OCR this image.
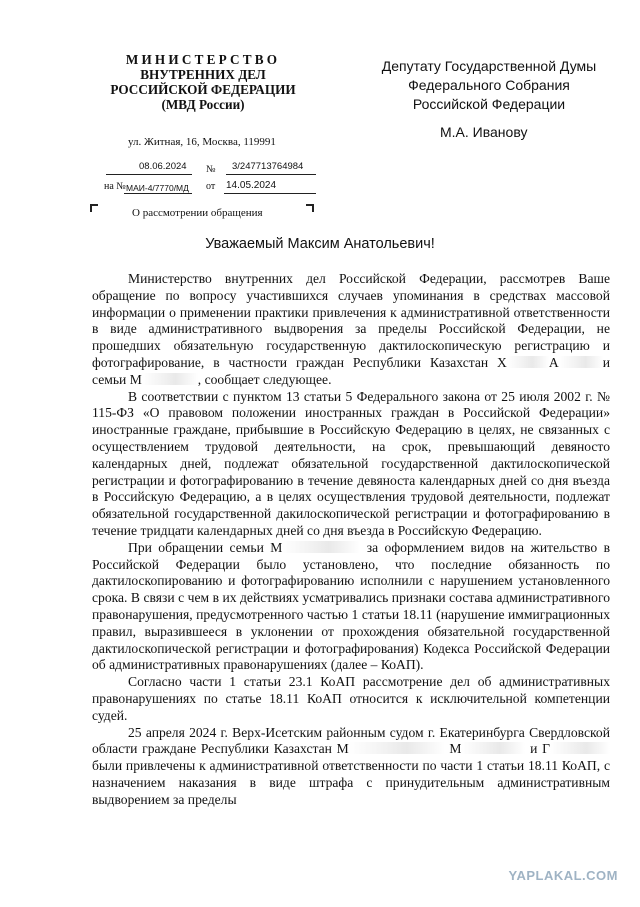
МИНИСТЕРСТВО
ВНУТРЕННИХ ДЕЛ
РОССИЙСКОЙ ФЕДЕРАЦИИ
(МВД России)
ул. Житная, 16, Москва, 119991
08.06.2024 № 3/247713764984
на № МАИ-4/7770/МД от 14.05.2024
О рассмотрении обращения
Депутату Государственной Думы
Федерального Собрания
Российской Федерации
М.А. Иванову
Уважаемый Максим Анатольевич!

Министерство внутренних дел Российской Федерации, рассмотрев Ваше обращение по вопросу участившихся случаев упоминания в средствах массовой информации о применении практики привлечения к административной ответственности в виде административного выдворения за пределы Российской Федерации, не прошедших обязательную государственную дактилоскопическую регистрацию и фотографирование, в частности граждан Республики Казахстан Х	А	и семьи М	, сообщает следующее.

В соответствии с пунктом 13 статьи 5 Федерального закона от 25 июля 2002 г. № 115-ФЗ «О правовом положении иностранных граждан в Российской Федерации» иностранные граждане, прибывшие в Российскую Федерацию в целях, не связанных с осуществлением трудовой деятельности, на срок, превышающий девяносто календарных дней, подлежат обязательной государственной дактилоскопической регистрации и фотографированию в течение девяноста календарных дней со дня въезда в Российскую Федерацию, а в целях осуществления трудовой деятельности, подлежат обязательной государственной дакилоскопической регистрации и фотографированию в течение тридцати календарных дней со дня въезда в Российскую Федерацию.

При обращении семьи М	за оформлением видов на жительство в Российской Федерации было установлено, что последние обязанность по дактилоскопированию и фотографированию исполнили с нарушением установленного срока. В связи с чем в их действиях усматривались признаки состава административного правонарушения, предусмотренного частью 1 статьи 18.11 (нарушение иммиграционных правил, выразившееся в уклонении от прохождения обязательной государственной дактилоскопической регистрации и фотографирования) Кодекса Российской Федерации об административных правонарушениях (далее – КоАП).

Согласно части 1 статьи 23.1 КоАП рассмотрение дел об административных правонарушениях по статье 18.11 КоАП относится к исключительной компетенции судей.

25 апреля 2024 г. Верх-Исетским районным судом г. Екатеринбурга Свердловской области граждане Республики Казахстан М	М	и Г были привлечены к административной ответственности по части 1 статьи 18.11 КоАП, с назначением наказания в виде штрафа с принудительным административным выдворением за пределы

YAPLAKAL.COM
